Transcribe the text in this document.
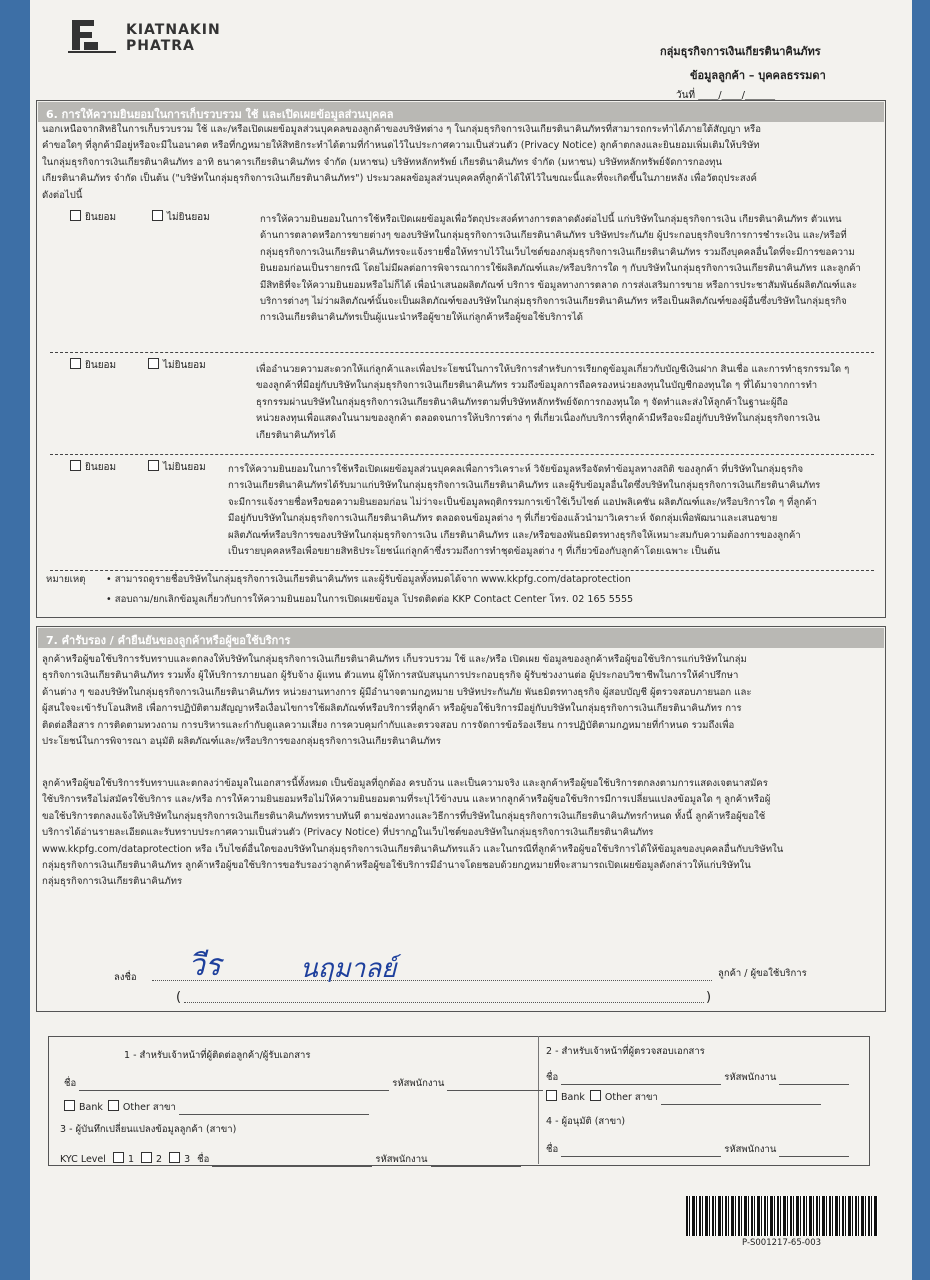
KIATNAKIN
PHATRA	กลุ่มธุรกิจการเงินเกียรตินาคินภัทร
ข้อมูลลูกค้า – บุคคลธรรมดา
วันที่ ____/____/______
6. การให้ความยินยอมในการเก็บรวบรวม ใช้ และเปิดเผยข้อมูลส่วนบุคคล
นอกเหนือจากสิทธิในการเก็บรวบรวม ใช้ และ/หรือเปิดเผยข้อมูลส่วนบุคคลของลูกค้าของบริษัทต่าง ๆ ในกลุ่มธุรกิจการเงินเกียรตินาคินภัทรที่สามารถกระทำได้ภายใต้สัญญา หรือ
คำขอใดๆ ที่ลูกค้ามีอยู่หรือจะมีในอนาคต หรือที่กฎหมายให้สิทธิกระทำได้ตามที่กำหนดไว้ในประกาศความเป็นส่วนตัว (Privacy Notice) ลูกค้าตกลงและยินยอมเพิ่มเติมให้บริษัท
ในกลุ่มธุรกิจการเงินเกียรตินาคินภัทร อาทิ ธนาคารเกียรตินาคินภัทร จำกัด (มหาชน) บริษัทหลักทรัพย์ เกียรตินาคินภัทร จำกัด (มหาชน) บริษัทหลักทรัพย์จัดการกองทุน
เกียรตินาคินภัทร จำกัด เป็นต้น ("บริษัทในกลุ่มธุรกิจการเงินเกียรตินาคินภัทร") ประมวลผลข้อมูลส่วนบุคคลที่ลูกค้าได้ให้ไว้ในขณะนี้และที่จะเกิดขึ้นในภายหลัง เพื่อวัตถุประสงค์
ดังต่อไปนี้
ยินยอม	ไม่ยินยอม	การให้ความยินยอมในการใช้หรือเปิดเผยข้อมูลเพื่อวัตถุประสงค์ทางการตลาดดังต่อไปนี้ แก่บริษัทในกลุ่มธุรกิจการเงิน เกียรตินาคินภัทร ตัวแทน
ด้านการตลาดหรือการขายต่างๆ ของบริษัทในกลุ่มธุรกิจการเงินเกียรตินาคินภัทร บริษัทประกันภัย ผู้ประกอบธุรกิจบริการการชำระเงิน และ/หรือที่
กลุ่มธุรกิจการเงินเกียรตินาคินภัทรจะแจ้งรายชื่อให้ทราบไว้ในเว็บไซต์ของกลุ่มธุรกิจการเงินเกียรตินาคินภัทร รวมถึงบุคคลอื่นใดที่จะมีการขอความ
ยินยอมก่อนเป็นรายกรณี โดยไม่มีผลต่อการพิจารณาการใช้ผลิตภัณฑ์และ/หรือบริการใด ๆ กับบริษัทในกลุ่มธุรกิจการเงินเกียรตินาคินภัทร และลูกค้า
มีสิทธิที่จะให้ความยินยอมหรือไม่ก็ได้ เพื่อนำเสนอผลิตภัณฑ์ บริการ ข้อมูลทางการตลาด การส่งเสริมการขาย หรือการประชาสัมพันธ์ผลิตภัณฑ์และ
บริการต่างๆ ไม่ว่าผลิตภัณฑ์นั้นจะเป็นผลิตภัณฑ์ของบริษัทในกลุ่มธุรกิจการเงินเกียรตินาคินภัทร หรือเป็นผลิตภัณฑ์ของผู้อื่นซึ่งบริษัทในกลุ่มธุรกิจ
การเงินเกียรตินาคินภัทรเป็นผู้แนะนำหรือผู้ขายให้แก่ลูกค้าหรือผู้ขอใช้บริการได้
ยินยอม	ไม่ยินยอม	เพื่ออำนวยความสะดวกให้แก่ลูกค้าและเพื่อประโยชน์ในการให้บริการสำหรับการเรียกดูข้อมูลเกี่ยวกับบัญชีเงินฝาก สินเชื่อ และการทำธุรกรรมใด ๆ
ของลูกค้าที่มีอยู่กับบริษัทในกลุ่มธุรกิจการเงินเกียรตินาคินภัทร รวมถึงข้อมูลการถือครองหน่วยลงทุนในบัญชีกองทุนใด ๆ ที่ได้มาจากการทำ
ธุรกรรมผ่านบริษัทในกลุ่มธุรกิจการเงินเกียรตินาคินภัทรตามที่บริษัทหลักทรัพย์จัดการกองทุนใด ๆ จัดทำและส่งให้ลูกค้าในฐานะผู้ถือ
หน่วยลงทุนเพื่อแสดงในนามของลูกค้า ตลอดจนการให้บริการต่าง ๆ ที่เกี่ยวเนื่องกับบริการที่ลูกค้ามีหรือจะมีอยู่กับบริษัทในกลุ่มธุรกิจการเงิน
เกียรตินาคินภัทรได้
ยินยอม	ไม่ยินยอม การให้ความยินยอมในการใช้หรือเปิดเผยข้อมูลส่วนบุคคลเพื่อการวิเคราะห์ วิจัยข้อมูลหรือจัดทำข้อมูลทางสถิติ ของลูกค้า ที่บริษัทในกลุ่มธุรกิจ
การเงินเกียรตินาคินภัทรได้รับมาแก่บริษัทในกลุ่มธุรกิจการเงินเกียรตินาคินภัทร และผู้รับข้อมูลอื่นใดซึ่งบริษัทในกลุ่มธุรกิจการเงินเกียรตินาคินภัทร
จะมีการแจ้งรายชื่อหรือขอความยินยอมก่อน ไม่ว่าจะเป็นข้อมูลพฤติกรรมการเข้าใช้เว็บไซต์ แอปพลิเคชัน ผลิตภัณฑ์และ/หรือบริการใด ๆ ที่ลูกค้า
มีอยู่กับบริษัทในกลุ่มธุรกิจการเงินเกียรตินาคินภัทร ตลอดจนข้อมูลต่าง ๆ ที่เกี่ยวข้องแล้วนำมาวิเคราะห์ จัดกลุ่มเพื่อพัฒนาและเสนอขาย
ผลิตภัณฑ์หรือบริการของบริษัทในกลุ่มธุรกิจการเงิน เกียรตินาคินภัทร และ/หรือของพันธมิตรทางธุรกิจให้เหมาะสมกับความต้องการของลูกค้า
เป็นรายบุคคลหรือเพื่อขยายสิทธิประโยชน์แก่ลูกค้าซึ่งรวมถึงการทำชุดข้อมูลต่าง ๆ ที่เกี่ยวข้องกับลูกค้าโดยเฉพาะ เป็นต้น
หมายเหตุ • สามารถดูรายชื่อบริษัทในกลุ่มธุรกิจการเงินเกียรตินาคินภัทร และผู้รับข้อมูลทั้งหมดได้จาก www.kkpfg.com/dataprotection
• สอบถาม/ยกเลิกข้อมูลเกี่ยวกับการให้ความยินยอมในการเปิดเผยข้อมูล โปรดติดต่อ KKP Contact Center โทร. 02 165 5555
7. คำรับรอง / คำยืนยันของลูกค้าหรือผู้ขอใช้บริการ
ลูกค้าหรือผู้ขอใช้บริการรับทราบและตกลงให้บริษัทในกลุ่มธุรกิจการเงินเกียรตินาคินภัทร เก็บรวบรวม ใช้ และ/หรือ เปิดเผย ข้อมูลของลูกค้าหรือผู้ขอใช้บริการแก่บริษัทในกลุ่ม
ธุรกิจการเงินเกียรตินาคินภัทร รวมทั้ง ผู้ให้บริการภายนอก ผู้รับจ้าง ผู้แทน ตัวแทน ผู้ให้การสนับสนุนการประกอบธุรกิจ ผู้รับช่วงงานต่อ ผู้ประกอบวิชาชีพในการให้คำปรึกษา
ด้านต่าง ๆ ของบริษัทในกลุ่มธุรกิจการเงินเกียรตินาคินภัทร หน่วยงานทางการ ผู้มีอำนาจตามกฎหมาย บริษัทประกันภัย พันธมิตรทางธุรกิจ ผู้สอบบัญชี ผู้ตรวจสอบภายนอก และ
ผู้สนใจจะเข้ารับโอนสิทธิ เพื่อการปฏิบัติตามสัญญาหรือเงื่อนไขการใช้ผลิตภัณฑ์หรือบริการที่ลูกค้า หรือผู้ขอใช้บริการมีอยู่กับบริษัทในกลุ่มธุรกิจการเงินเกียรตินาคินภัทร การ
ติดต่อสื่อสาร การติดตามทวงถาม การบริหารและกำกับดูแลความเสี่ยง การควบคุมกำกับและตรวจสอบ การจัดการข้อร้องเรียน การปฏิบัติตามกฎหมายที่กำหนด รวมถึงเพื่อ
ประโยชน์ในการพิจารณา อนุมัติ ผลิตภัณฑ์และ/หรือบริการของกลุ่มธุรกิจการเงินเกียรตินาคินภัทร
ลูกค้าหรือผู้ขอใช้บริการรับทราบและตกลงว่าข้อมูลในเอกสารนี้ทั้งหมด เป็นข้อมูลที่ถูกต้อง ครบถ้วน และเป็นความจริง และลูกค้าหรือผู้ขอใช้บริการตกลงตามการแสดงเจตนาสมัคร
ใช้บริการหรือไม่สมัครใช้บริการ และ/หรือ การให้ความยินยอมหรือไม่ให้ความยินยอมตามที่ระบุไว้ข้างบน และหากลูกค้าหรือผู้ขอใช้บริการมีการเปลี่ยนแปลงข้อมูลใด ๆ ลูกค้าหรือผู้
ขอใช้บริการตกลงแจ้งให้บริษัทในกลุ่มธุรกิจการเงินเกียรตินาคินภัทรทราบทันที ตามช่องทางและวิธีการที่บริษัทในกลุ่มธุรกิจการเงินเกียรตินาคินภัทรกำหนด ทั้งนี้ ลูกค้าหรือผู้ขอใช้
บริการได้อ่านรายละเอียดและรับทราบประกาศความเป็นส่วนตัว (Privacy Notice) ที่ปรากฏในเว็บไซต์ของบริษัทในกลุ่มธุรกิจการเงินเกียรตินาคินภัทร
www.kkpfg.com/dataprotection หรือ เว็บไซต์อื่นใดของบริษัทในกลุ่มธุรกิจการเงินเกียรตินาคินภัทรแล้ว และในกรณีที่ลูกค้าหรือผู้ขอใช้บริการได้ให้ข้อมูลของบุคคลอื่นกับบริษัทใน
กลุ่มธุรกิจการเงินเกียรตินาคินภัทร ลูกค้าหรือผู้ขอใช้บริการขอรับรองว่าลูกค้าหรือผู้ขอใช้บริการมีอำนาจโดยชอบด้วยกฎหมายที่จะสามารถเปิดเผยข้อมูลดังกล่าวให้แก่บริษัทใน
กลุ่มธุรกิจการเงินเกียรตินาคินภัทร
ลงชื่อ วีร	นฤมาลย์	ลูกค้า / ผู้ขอใช้บริการ
(	)
1 - สำหรับเจ้าหน้าที่ผู้ติดต่อลูกค้า/ผู้รับเอกสาร
ชื่อ	รหัสพนักงาน
Bank Other สาขา
3 - ผู้บันทึกเปลี่ยนแปลงข้อมูลลูกค้า (สาขา)
KYC Level 1 2 3 ชื่อ	รหัสพนักงาน
2 - สำหรับเจ้าหน้าที่ผู้ตรวจสอบเอกสาร
ชื่อ	รหัสพนักงาน
Bank Other สาขา
4 - ผู้อนุมัติ (สาขา)
ชื่อ	รหัสพนักงาน
P-S001217-65-003
